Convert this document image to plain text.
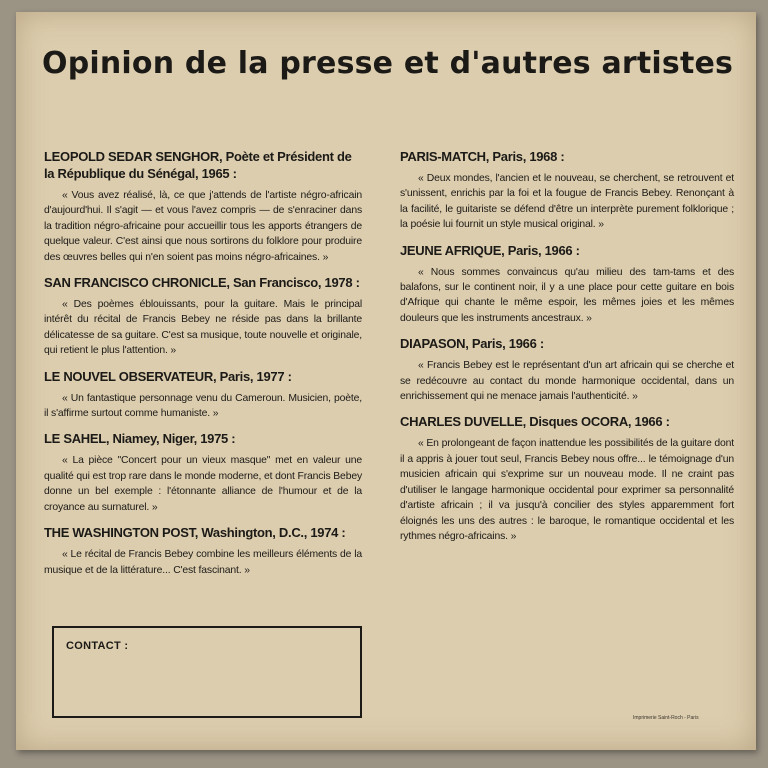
Opinion de la presse et d'autres artistes
LEOPOLD SEDAR SENGHOR, Poète et Président de la République du Sénégal, 1965 :
« Vous avez réalisé, là, ce que j'attends de l'artiste négro-africain d'aujourd'hui. Il s'agit — et vous l'avez compris — de s'enraciner dans la tradition négro-africaine pour accueillir tous les apports étrangers de quelque valeur. C'est ainsi que nous sortirons du folklore pour produire des œuvres belles qui n'en soient pas moins négro-africaines. »
SAN FRANCISCO CHRONICLE, San Francisco, 1978 :
« Des poèmes éblouissants, pour la guitare. Mais le principal intérêt du récital de Francis Bebey ne réside pas dans la brillante délicatesse de sa guitare. C'est sa musique, toute nouvelle et originale, qui retient le plus l'attention. »
LE NOUVEL OBSERVATEUR, Paris, 1977 :
« Un fantastique personnage venu du Cameroun. Musicien, poète, il s'affirme surtout comme humaniste. »
LE SAHEL, Niamey, Niger, 1975 :
« La pièce "Concert pour un vieux masque" met en valeur une qualité qui est trop rare dans le monde moderne, et dont Francis Bebey donne un bel exemple : l'étonnante alliance de l'humour et de la croyance au surnaturel. »
THE WASHINGTON POST, Washington, D.C., 1974 :
« Le récital de Francis Bebey combine les meilleurs éléments de la musique et de la littérature... C'est fascinant. »
PARIS-MATCH, Paris, 1968 :
« Deux mondes, l'ancien et le nouveau, se cherchent, se retrouvent et s'unissent, enrichis par la foi et la fougue de Francis Bebey. Renonçant à la facilité, le guitariste se défend d'être un interprète purement folklorique ; la poésie lui fournit un style musical original. »
JEUNE AFRIQUE, Paris, 1966 :
« Nous sommes convaincus qu'au milieu des tam-tams et des balafons, sur le continent noir, il y a une place pour cette guitare en bois d'Afrique qui chante le même espoir, les mêmes joies et les mêmes douleurs que les instruments ancestraux. »
DIAPASON, Paris, 1966 :
« Francis Bebey est le représentant d'un art africain qui se cherche et se redécouvre au contact du monde harmonique occidental, dans un enrichissement qui ne menace jamais l'authenticité. »
CHARLES DUVELLE, Disques OCORA, 1966 :
« En prolongeant de façon inattendue les possibilités de la guitare dont il a appris à jouer tout seul, Francis Bebey nous offre... le témoignage d'un musicien africain qui s'exprime sur un nouveau mode. Il ne craint pas d'utiliser le langage harmonique occidental pour exprimer sa personnalité d'artiste africain ; il va jusqu'à concilier des styles apparemment fort éloignés les uns des autres : le baroque, le romantique occidental et les rythmes négro-africains. »
CONTACT :
Imprimerie Saint-Roch - Paris
